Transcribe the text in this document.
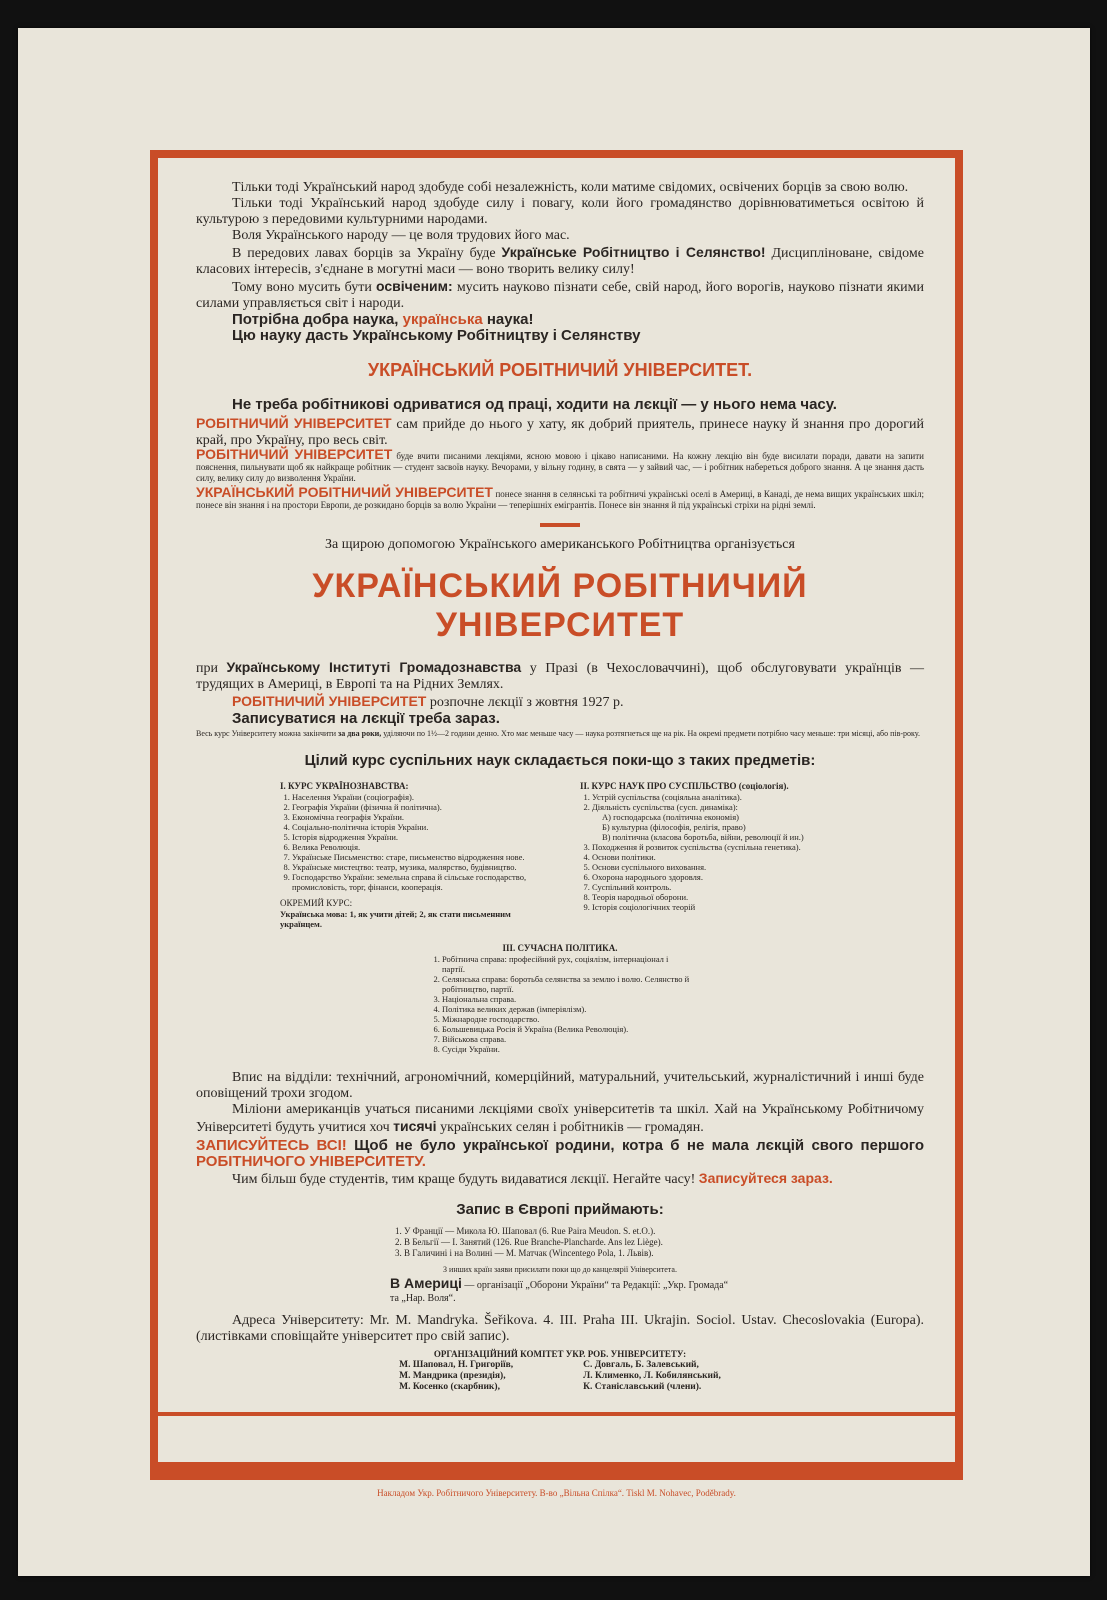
Тільки тоді Український народ здобуде собі незалежність, коли матиме свідомих, освічених борців за свою волю.

Тільки тоді Український народ здобуде силу і повагу, коли його громадянство дорівнюватиметься освітою й культурою з передовими культурними народами.

Воля Українського народу — це воля трудових його мас.

В передових лавах борців за Україну буде Українське Робітництво і Селянство! Дисципліноване, свідоме класових інтересів, з'єднане в могутні маси — воно творить велику силу!

Тому воно мусить бути освіченим: мусить науково пізнати себе, свій народ, його ворогів, науково пізнати якими силами управляється світ і народи.

Потрібна добра наука, українська наука!

Цю науку дасть Українському Робітництву і Селянству

УКРАЇНСЬКИЙ РОБІТНИЧИЙ УНІВЕРСИТЕТ.

Не треба робітникові одриватися од праці, ходити на лєкції — у нього нема часу.

РОБІТНИЧИЙ УНІВЕРСИТЕТ сам прийде до нього у хату, як добрий приятель, принесе науку й знання про дорогий край, про Україну, про весь світ.

РОБІТНИЧИЙ УНІВЕРСИТЕТ буде вчити писаними лекціями, ясною мовою і цікаво написаними. На кожну лекцію він буде висилати поради, давати на запити пояснення, пильнувати щоб як найкраще робітник — студент засвоїв науку. Вечорами, у вільну годину, в свята — у зайвий час, — і робітник набереться доброго знання. А це знання дасть силу, велику силу до визволення України.

УКРАЇНСЬКИЙ РОБІТНИЧИЙ УНІВЕРСИТЕТ понесе знання в селянські та робітничі українські оселі в Америці, в Канаді, де нема вищих українських шкіл; понесе він знання і на простори Европи, де розкидано борців за волю України — теперішніх емігрантів. Понесе він знання й під українські стріхи на рідні землі.

За щирою допомогою Українського американського Робітництва організується

УКРАЇНСЬКИЙ РОБІТНИЧИЙ УНІВЕРСИТЕТ

при Українському Інституті Громадознавства у Празі (в Чехословаччині), щоб обслуговувати українців — трудящих в Америці, в Европі та на Рідних Землях.

РОБІТНИЧИЙ УНІВЕРСИТЕТ розпочне лєкції з жовтня 1927 р.

Записуватися на лєкції треба зараз.

Весь курс Університету можна закінчити за два роки, уділяючи по 1½—2 години денно. Хто має меньше часу — наука розтягнеться ще на рік. На окремі предмети потрібно часу меньше: три місяці, або пів-року.

Цілий курс суспільних наук складається поки-що з таких предметів:

І. КУРС УКРАЇНОЗНАВСТВА:
1. Населення України (соціографія).
2. Географія України (фізична й політична).
3. Економічна географія України.
4. Соціально-політична історія України.
5. Історія відродження України.
6. Велика Революція.
7. Українське Письменство: старе, письменство відродження нове.
8. Українське мистецтво: театр, музика, малярство, будівництво.
9. Господарство України: земельна справа й сільське господарство, промисловість, торг, фінанси, кооперація.
ОКРЕМИЙ КУРС:
Українська мова: 1, як учити дітей; 2, як стати письменним українцем.
II. КУРС НАУК ПРО СУСПІЛЬСТВО (соціологія).
1. Устрій суспільства (соціяльна аналітика).
2. Діяльність суспільства (cусп. динаміка):
А) господарська (політична економія)
Б) культурна (філософія, релігія, право)
В) політична (класова боротьба, війни, революції й ин.)
3. Походження й розвиток суспільства (суспільна генетика).
4. Основи політики.
5. Основи суспільного виховання.
6. Охорона народнього здоровля.
7. Суспільний контроль.
8. Теорія народньої оборони.
9. Історія соціологічних теорій
ІІІ. СУЧАСНА ПОЛІТИКА.
1. Робітнича справа: професійний рух, соціялізм, інтернаціонал і партії.
2. Селянська справа: боротьба селянства за землю і волю. Селянство й робітництво, партії.
3. Національна справа.
4. Політика великих держав (імперіялізм).
5. Міжнародне господарство.
6. Большевицька Росія й Україна (Велика Революція).
7. Військова справа.
8. Сусіди України.

Впис на відділи: технічний, агрономічний, комерційний, матуральний, учительський, журналістичний і инші буде оповіщений трохи згодом.

Міліони американців учаться писаними лєкціями своїх університетів та шкіл. Хай на Українському Робітничому Університеті будуть учитися хоч тисячі українських селян і робітників — громадян.

ЗАПИСУЙТЕСЬ ВСІ! Щоб не було української родини, котра б не мала лєкцій свого першого РОБІТНИЧОГО УНІВЕРСИТЕТУ.

Чим більш буде студентів, тим краще будуть видаватися лєкції. Негайте часу! Записуйтеся зараз.

Запис в Європі приймають:

1. У Франції — Микола Ю. Шаповал (6. Rue Paira Meudon. S. et.O.).
2. В Бельгії — І. Занятий (126. Rue Branche-Plancharde. Ans lez Liège).
3. В Галичині і на Волині — М. Матчак (Wincentego Pola, 1. Львів).

З инших країн заяви присилати поки що до канцелярії Університета.

В Америці — організації „Оборони України“ та Редакції: „Укр. Громада“ та „Нар. Воля“.

Адреса Університету: Mr. M. Mandryka. Šeřikova. 4. III. Praha III. Ukrajin. Sociol. Ustav. Checoslovakia (Europa). (листівками сповіщайте університет про свій запис).

ОРГАНІЗАЦІЙНИЙ КОМІТЕТ УКР. РОБ. УНІВЕРСИТЕТУ:

М. Шаповал, Н. Григоріїв,
М. Мандрика (президія),
М. Косенко (скарбник),
С. Довгаль, Б. Залевський,
Л. Клименко, Л. Кобилянський,
К. Станіславський (члени).
Накладом Укр. Робітничого Університету. В-во „Вільна Спілка“. Tiskl M. Nohavec, Poděbrady.
